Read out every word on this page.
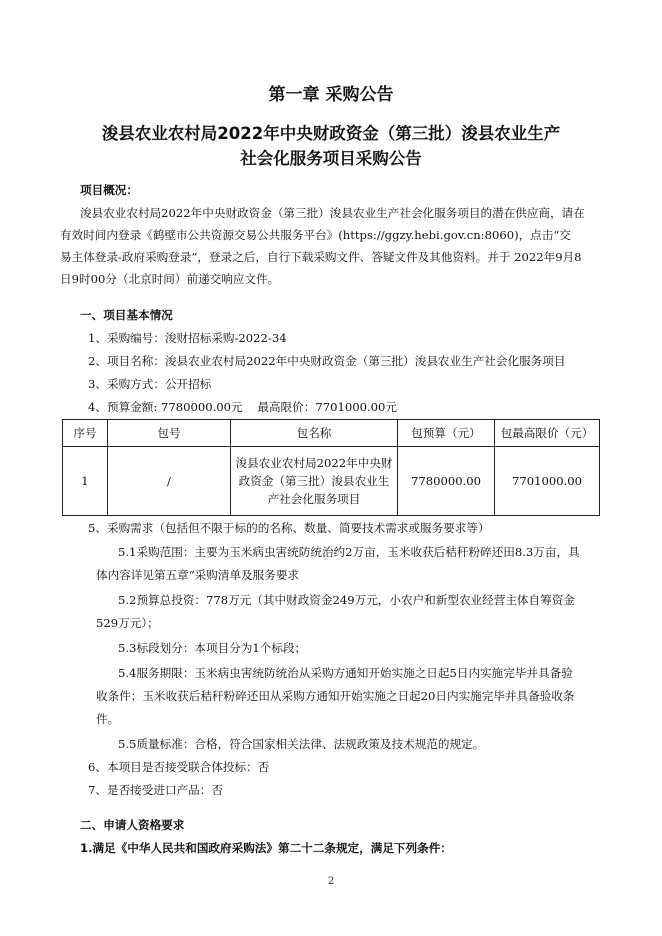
第一章 采购公告
浚县农业农村局2022年中央财政资金（第三批）浚县农业生产
社会化服务项目采购公告
项目概况：
浚县农业农村局2022年中央财政资金（第三批）浚县农业生产社会化服务项目的潜在供应商，请在
有效时间内登录《鹤壁市公共资源交易公共服务平台》(https://ggzy.hebi.gov.cn:8060)，点击“交
易主体登录-政府采购登录”，登录之后，自行下载采购文件、答疑文件及其他资料。并于 2022年9月8
日9时00分（北京时间）前递交响应文件。
一、项目基本情况
1、采购编号：浚财招标采购-2022-34
2、项目名称：浚县农业农村局2022年中央财政资金（第三批）浚县农业生产社会化服务项目
3、采购方式：公开招标
4、预算金额: 7780000.00元    最高限价：7701000.00元
序号	包号	包名称	包预算（元）	包最高限价（元）
1	/	浚县农业农村局2022年中央财
政资金（第三批）浚县农业生
产社会化服务项目	7780000.00	7701000.00
5、采购需求（包括但不限于标的的名称、数量、简要技术需求或服务要求等）
5.1采购范围：主要为玉米病虫害统防统治约2万亩，玉米收获后秸秆粉碎还田8.3万亩，具
体内容详见第五章“采购清单及服务要求
5.2预算总投资：778万元（其中财政资金249万元，小农户和新型农业经营主体自筹资金
529万元）；
5.3标段划分：本项目分为1个标段；
5.4服务期限：玉米病虫害统防统治从采购方通知开始实施之日起5日内实施完毕并具备验
收条件；玉米收获后秸秆粉碎还田从采购方通知开始实施之日起20日内实施完毕并具备验收条
件。
5.5质量标准：合格，符合国家相关法律、法规政策及技术规范的规定。
6、本项目是否接受联合体投标：否
7、是否接受进口产品：否
二、申请人资格要求
1.满足《中华人民共和国政府采购法》第二十二条规定，满足下列条件：
2
